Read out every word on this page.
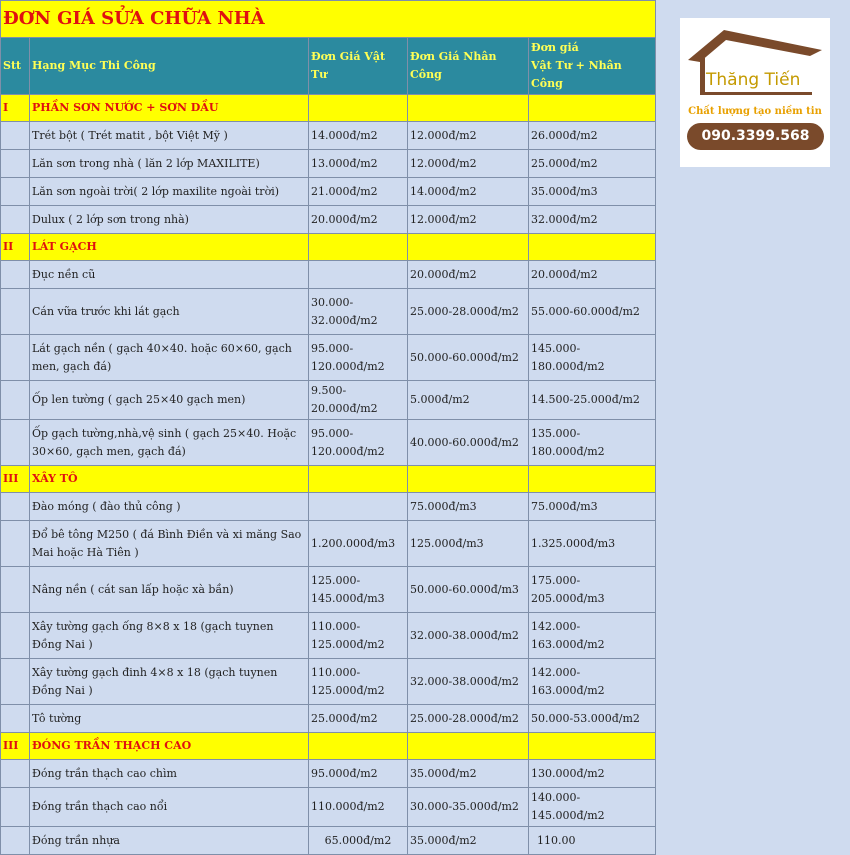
ĐƠN GIÁ SỬA CHỮA NHÀ				
Stt	Hạng Mục Thi Công	Đơn Giá Vật Tư	Đơn Giá Nhân Công	Đơn giá
Vật Tư + Nhân Công
I	PHẦN SƠN NƯỚC + SƠN DẦU			
	Trét bột ( Trét matit , bột Việt Mỹ )	14.000đ/m2	12.000đ/m2	26.000đ/m2
	Lăn sơn trong nhà ( lăn 2 lớp MAXILITE)	13.000đ/m2	12.000đ/m2	25.000đ/m2
	Lăn sơn ngoài trời( 2 lớp maxilite ngoài trời)	21.000đ/m2	14.000đ/m2	35.000đ/m3
	Dulux ( 2 lớp sơn trong nhà)	20.000đ/m2	12.000đ/m2	32.000đ/m2
II	LÁT GẠCH			
	Đục nền cũ		20.000đ/m2	20.000đ/m2
	Cán vữa trước khi lát gạch	30.000-32.000đ/m2	25.000-28.000đ/m2	55.000-60.000đ/m2
	Lát gạch nền ( gạch 40×40. hoặc 60×60, gạch men, gạch đá)	95.000-120.000đ/m2	50.000-60.000đ/m2	145.000-180.000đ/m2
	Ốp len tường ( gạch 25×40 gạch men)	9.500-20.000đ/m2	5.000đ/m2	14.500-25.000đ/m2
	Ốp gạch tường,nhà,vệ sinh ( gạch 25×40. Hoặc 30×60, gạch men, gạch đá)	95.000-120.000đ/m2	40.000-60.000đ/m2	135.000-180.000đ/m2
III	XÂY TÔ			
	Đào móng ( đào thủ công )		75.000đ/m3	75.000đ/m3
	Đổ bê tông M250 ( đá Bình Điền và xi măng Sao Mai hoặc Hà Tiên )	1.200.000đ/m3	125.000đ/m3	1.325.000đ/m3
	Nâng nền ( cát san lấp hoặc xà bần)	125.000-145.000đ/m3	50.000-60.000đ/m3	175.000-205.000đ/m3
	Xây tường gạch ống 8×8 x 18 (gạch tuynen Đồng Nai )	110.000-125.000đ/m2	32.000-38.000đ/m2	142.000-163.000đ/m2
	Xây tường gạch đinh 4×8 x 18 (gạch tuynen Đồng Nai )	110.000-125.000đ/m2	32.000-38.000đ/m2	142.000-163.000đ/m2
	Tô tường	25.000đ/m2	25.000-28.000đ/m2	50.000-53.000đ/m2
III	ĐÓNG TRẦN THẠCH CAO			
	Đóng trần thạch cao chìm	95.000đ/m2	35.000đ/m2	130.000đ/m2
	Đóng trần thạch cao nổi	110.000đ/m2	30.000-35.000đ/m2	140.000-145.000đ/m2
	Đóng trần nhựa	65.000đ/m2	35.000đ/m2	110.00
Thăng Tiến
Chất lượng tạo niềm tin
090.3399.568
